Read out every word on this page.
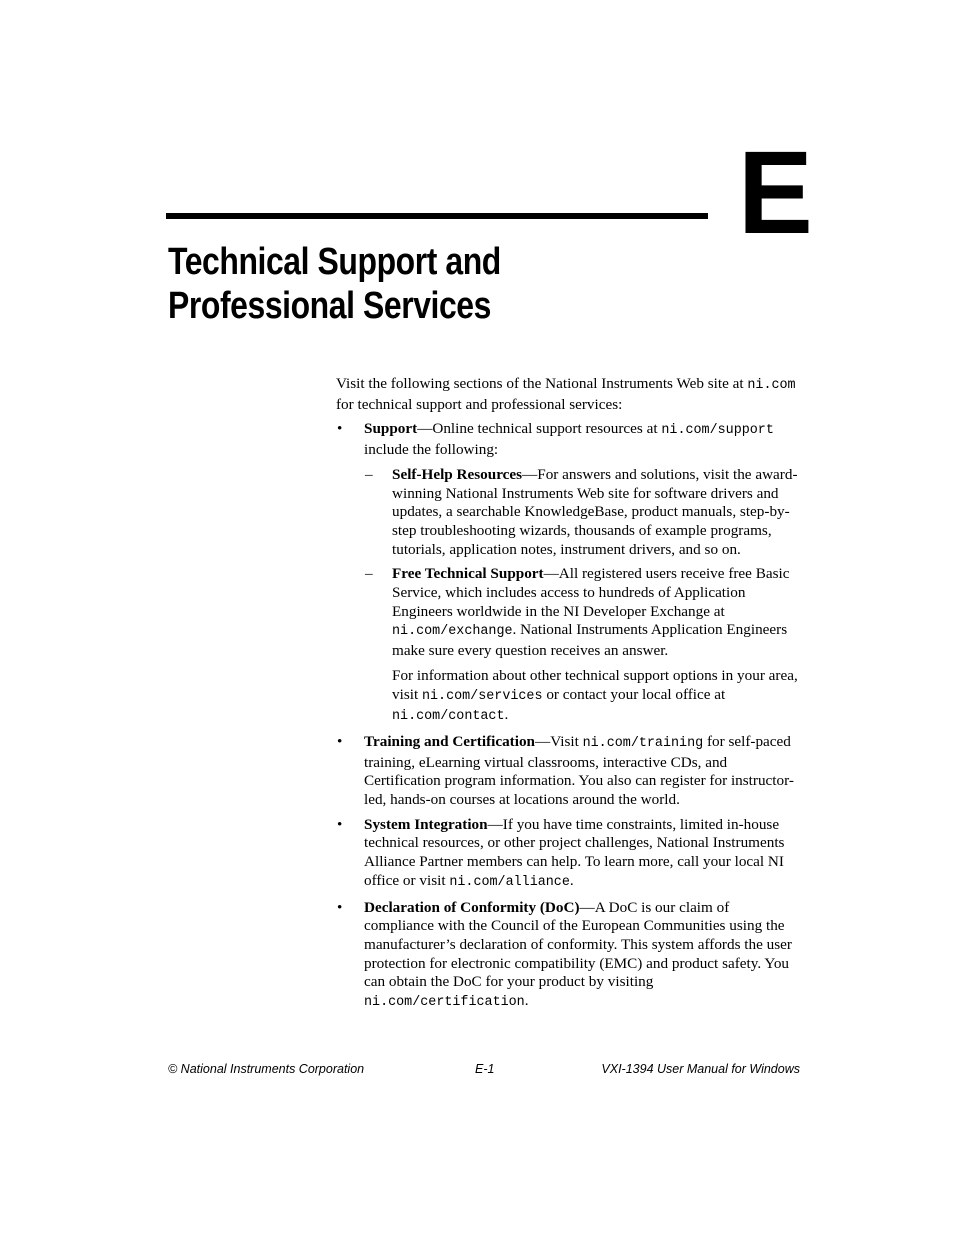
E
Technical Support and
Professional Services

Visit the following sections of the National Instruments Web site at ni.com for technical support and professional services:

• Support—Online technical support resources at ni.com/support include the following:
– Self-Help Resources—For answers and solutions, visit the award-winning National Instruments Web site for software drivers and updates, a searchable KnowledgeBase, product manuals, step-by-step troubleshooting wizards, thousands of example programs, tutorials, application notes, instrument drivers, and so on.
– Free Technical Support—All registered users receive free Basic Service, which includes access to hundreds of Application Engineers worldwide in the NI Developer Exchange at ni.com/exchange. National Instruments Application Engineers make sure every question receives an answer.

For information about other technical support options in your area, visit ni.com/services or contact your local office at ni.com/contact.

• Training and Certification—Visit ni.com/training for self-paced training, eLearning virtual classrooms, interactive CDs, and Certification program information. You also can register for instructor-led, hands-on courses at locations around the world.
• System Integration—If you have time constraints, limited in-house technical resources, or other project challenges, National Instruments Alliance Partner members can help. To learn more, call your local NI office or visit ni.com/alliance.
• Declaration of Conformity (DoC)—A DoC is our claim of compliance with the Council of the European Communities using the manufacturer’s declaration of conformity. This system affords the user protection for electronic compatibility (EMC) and product safety. You can obtain the DoC for your product by visiting ni.com/certification.
© National Instruments Corporation	E-1	VXI-1394 User Manual for Windows
